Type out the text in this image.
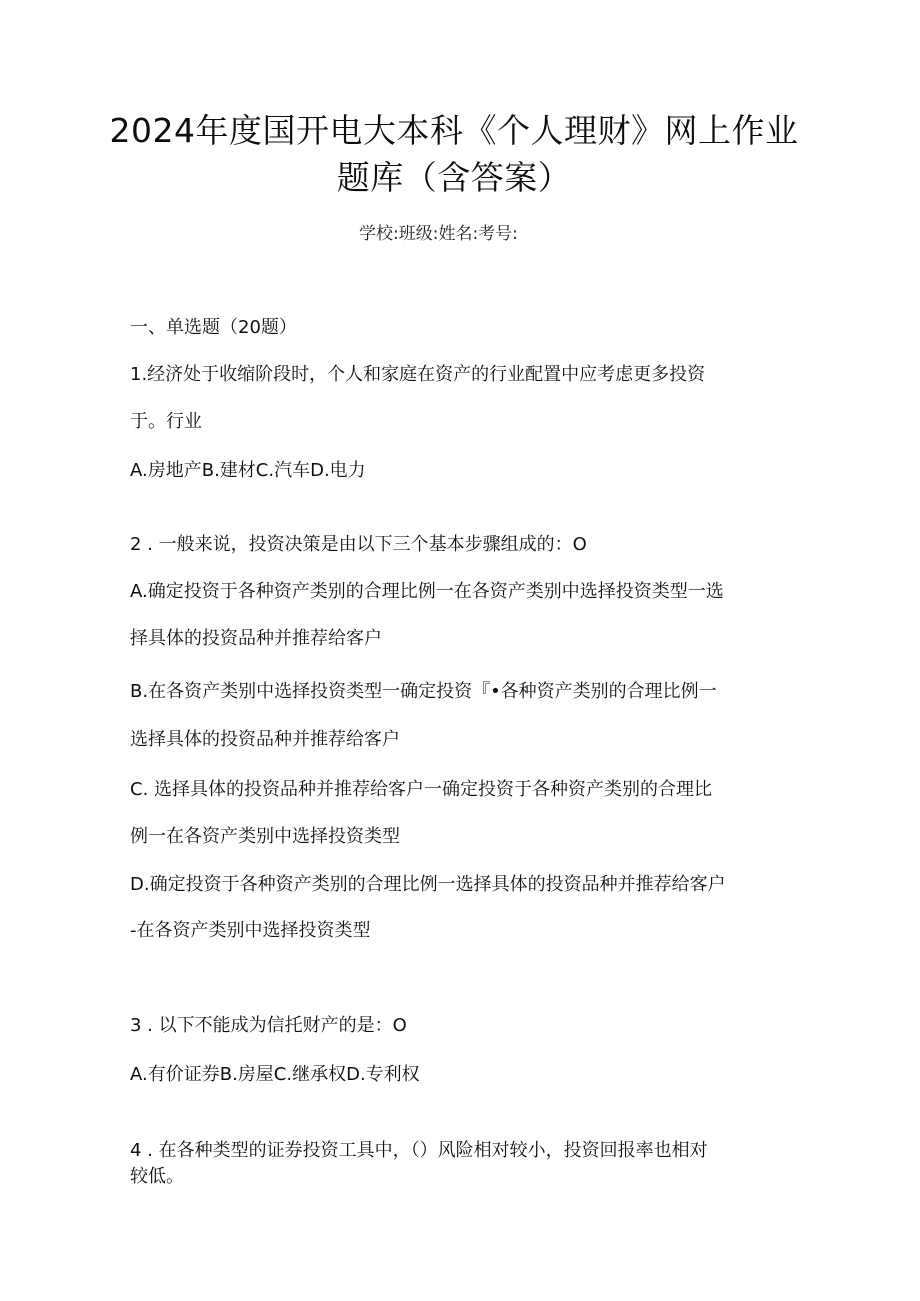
2024年度国开电大本科《个人理财》网上作业
题库（含答案）
学校:班级:姓名:考号:
一、单选题（20题）
1.经济处于收缩阶段时，个人和家庭在资产的行业配置中应考虑更多投资
于。行业
A.房地产B.建材C.汽车D.电力
2 . 一般来说，投资决策是由以下三个基本步骤组成的：O
A.确定投资于各种资产类别的合理比例一在各资产类别中选择投资类型一选
择具体的投资品种并推荐给客户
B.在各资产类别中选择投资类型一确定投资『•各种资产类别的合理比例一
选择具体的投资品种并推荐给客户
C. 选择具体的投资品种并推荐给客户一确定投资于各种资产类别的合理比
例一在各资产类别中选择投资类型
D.确定投资于各种资产类别的合理比例一选择具体的投资品种并推荐给客户
-在各资产类别中选择投资类型
3 . 以下不能成为信托财产的是：O
A.有价证券B.房屋C.继承权D.专利权
4 . 在各种类型的证券投资工具中，（）风险相对较小，投资回报率也相对
较低。
